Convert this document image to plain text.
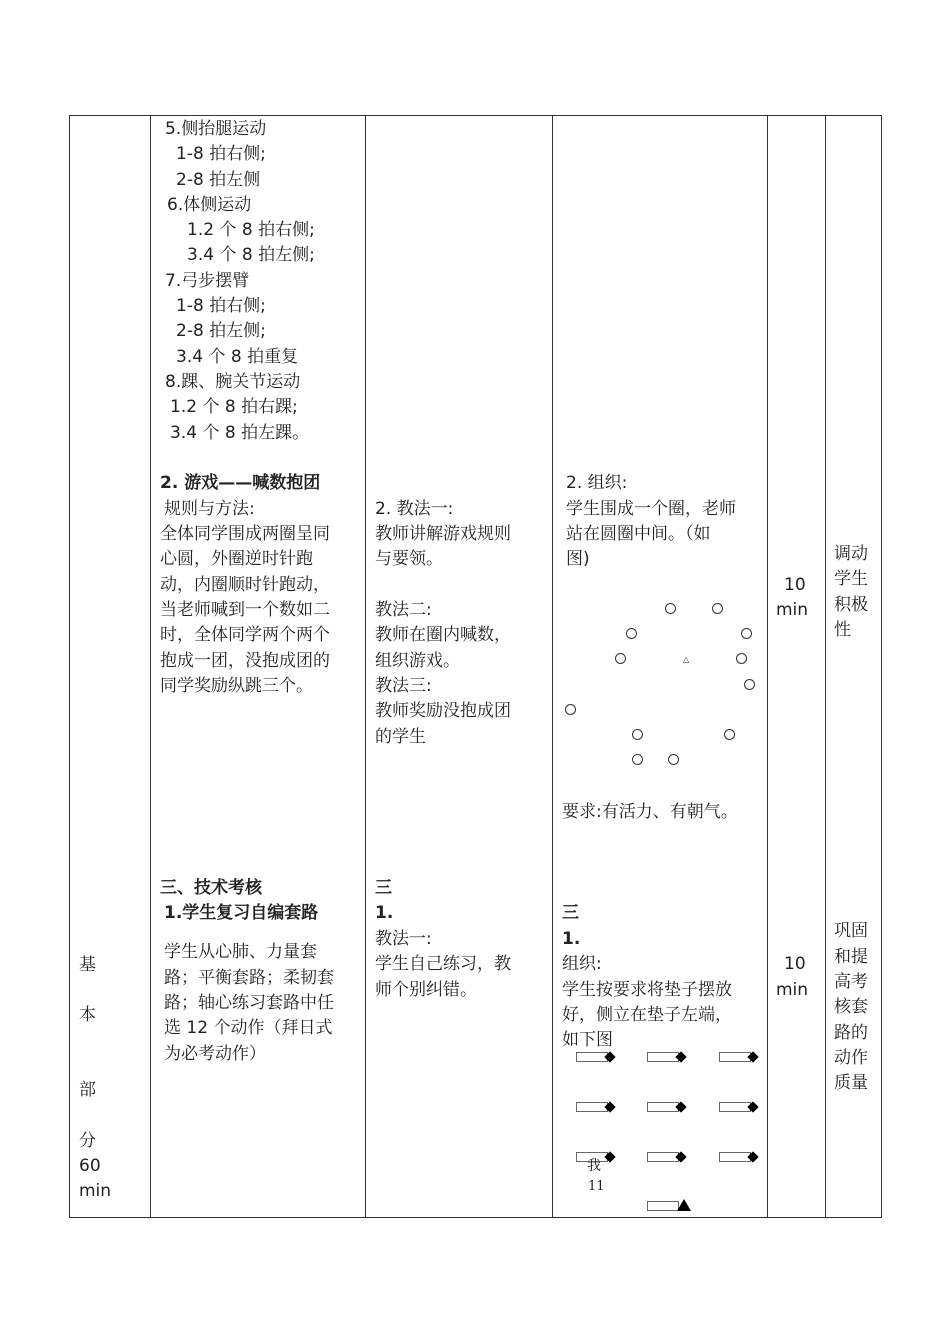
基
本
部
分
60
min
5.侧抬腿运动
1-8 拍右侧;
2-8 拍左侧
6.体侧运动
1.2 个 8 拍右侧;
3.4 个 8 拍左侧;
7.弓步摆臂
1-8 拍右侧;
2-8 拍左侧;
3.4 个 8 拍重复
8.踝、腕关节运动
1.2 个 8 拍右踝;
3.4 个 8 拍左踝。
2. 游戏——喊数抱团
规则与方法:
全体同学围成两圈呈同
心圆，外圈逆时针跑
动，内圈顺时针跑动，
当老师喊到一个数如二
时，全体同学两个两个
抱成一团，没抱成团的
同学奖励纵跳三个。
三、技术考核
1.学生复习自编套路
学生从心肺、力量套
路；平衡套路；柔韧套
路；轴心练习套路中任
选 12 个动作（拜日式
为必考动作）
2. 教法一:
教师讲解游戏规则
与要领。
教法二:
教师在圈内喊数，
组织游戏。
教法三:
教师奖励没抱成团
的学生
三
1.
教法一:
学生自己练习，教
师个别纠错。
2. 组织:
学生围成一个圈，老师
站在圆圈中间。（如
图)
△
要求:有活力、有朝气。
三
1.
组织:
学生按要求将垫子摆放
好，侧立在垫子左端，
如下图
我
11
10
min
10
min
调动
学生
积极
性
巩固
和提
高考
核套
路的
动作
质量
